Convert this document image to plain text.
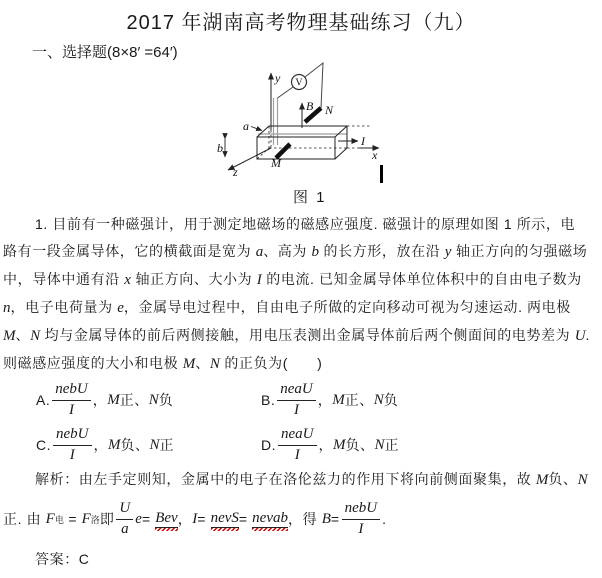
2017 年湖南高考物理基础练习（九）
一、选择题(8×8′ =64′)
y
x
z
B
I
V
M
N
a
b
图 1
1. 目前有一种磁强计，用于测定地磁场的磁感应强度. 磁强计的原理如图 1 所示，电
路有一段金属导体，它的横截面是宽为 a、高为 b 的长方形，放在沿 y 轴正方向的匀强磁场
中，导体中通有沿 x 轴正方向、大小为 I 的电流. 已知金属导体单位体积中的自由电子数为
n，电子电荷量为 e，金属导电过程中，自由电子所做的定向移动可视为匀速运动. 两电极
M、N 均与金属导体的前后两侧接触，用电压表测出金属导体前后两个侧面间的电势差为 U.
则磁感应强度的大小和电极 M、N 的正负为(　　)
A. $\frac{\text{nebU}}{I}$ ， M 正、 N 负	B. $\frac{\text{neaU}}{I}$ ， M 正、 N 负
C. $\frac{\text{nebU}}{I}$ ， M 负、 N 正	D. $\frac{\text{neaU}}{I}$ ， M 负、 N 正
解析：由左手定则知，金属中的电子在洛伦兹力的作用下将向前侧面聚集，故 M负、N
正. 由 F 电 = F 洛 即 $\frac{U}{a}$ e = Bev ， I = nevS = nevab ，得 $B = \frac{\text{nebU}}{I}$ .
答案：C
